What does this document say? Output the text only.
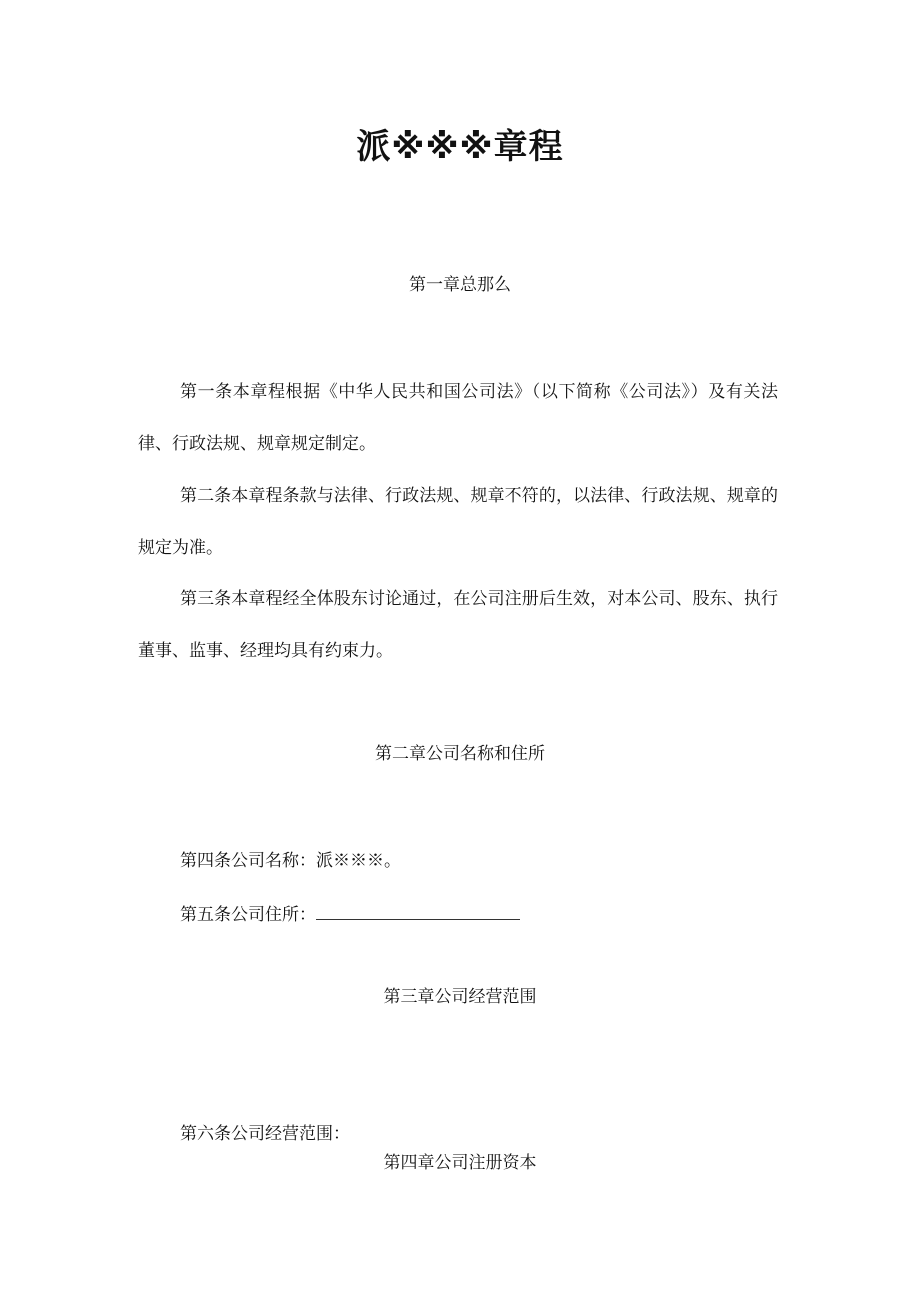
派※※※章程
第一章总那么

第一条本章程根据《中华人民共和国公司法》（以下简称《公司法》）及有关法律、行政法规、规章规定制定。

第二条本章程条款与法律、行政法规、规章不符的，以法律、行政法规、规章的规定为准。

第三条本章程经全体股东讨论通过，在公司注册后生效，对本公司、股东、执行董事、监事、经理均具有约束力。

第二章公司名称和住所
第四条公司名称：派※※※。
第五条公司住所：
第三章公司经营范围
第六条公司经营范围：
第四章公司注册资本
